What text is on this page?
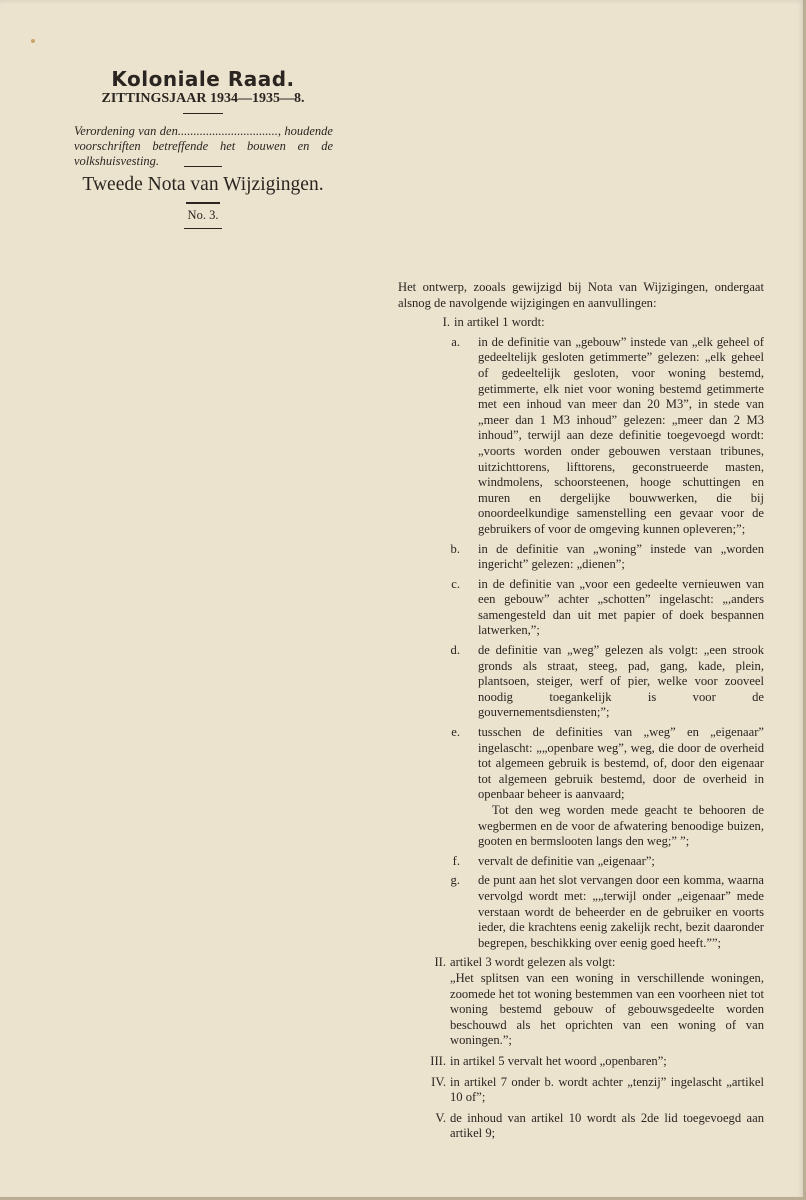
Koloniale Raad.
ZITTINGSJAAR 1934—1935—8.
Verordening van den................................, houdende voorschriften betreffende het bouwen en de volkshuisvesting.
Tweede Nota van Wijzigingen.
No. 3.

Het ontwerp, zooals gewijzigd bij Nota van Wijzigingen, ondergaat alsnog de navolgende wijzigingen en aanvullingen:

I. in artikel 1 wordt:
a.	in de definitie van „gebouw” instede van „elk geheel of gedeeltelijk gesloten getimmerte” gelezen: „elk geheel of gedeeltelijk gesloten, voor woning bestemd, getimmerte, elk niet voor woning bestemd getimmerte met een inhoud van meer dan 20 M3”, in stede van „meer dan 1 M3 inhoud” gelezen: „meer dan 2 M3 inhoud”, terwijl aan deze definitie toegevoegd wordt: „voorts worden onder gebouwen verstaan tribunes, uitzichttorens, lifttorens, geconstrueerde masten, windmolens, schoorsteenen, hooge schuttingen en muren en dergelijke bouwwerken, die bij onoordeelkundige samenstelling een gevaar voor de gebruikers of voor de omgeving kunnen opleveren;”;

b.	in de definitie van „woning” instede van „worden ingericht” gelezen: „dienen”;

c.	in de definitie van „voor een gedeelte vernieuwen van een gebouw” achter „schotten” ingelascht: „,anders samengesteld dan uit met papier of doek bespannen latwerken,”;

d.	de definitie van „weg” gelezen als volgt: „een strook gronds als straat, steeg, pad, gang, kade, plein, plantsoen, steiger, werf of pier, welke voor zooveel noodig toegankelijk is voor de gouvernementsdiensten;”;

e.	tusschen de definities van „weg” en „eigenaar” ingelascht: „„openbare weg”, weg, die door de overheid tot algemeen gebruik is bestemd, of, door den eigenaar tot algemeen gebruik bestemd, door de overheid in openbaar beheer is aanvaard;

Tot den weg worden mede geacht te behooren de wegbermen en de voor de afwatering benoodige buizen, gooten en bermslooten langs den weg;” ”;

f.	vervalt de definitie van „eigenaar”;

g.	de punt aan het slot vervangen door een komma, waarna vervolgd wordt met: „„terwijl onder „eigenaar” mede verstaan wordt de beheerder en de gebruiker en voorts ieder, die krachtens eenig zakelijk recht, bezit daaronder begrepen, beschikking over eenig goed heeft.””;

II. artikel 3 wordt gelezen als volgt:
„Het splitsen van een woning in verschillende woningen, zoomede het tot woning bestemmen van een voorheen niet tot woning bestemd gebouw of gebouwsgedeelte worden beschouwd als het oprichten van een woning of van woningen.”;
III. in artikel 5 vervalt het woord „openbaren”;
IV. in artikel 7 onder b. wordt achter „tenzij” ingelascht „artikel 10 of”;
V. de inhoud van artikel 10 wordt als 2de lid toegevoegd aan artikel 9;
